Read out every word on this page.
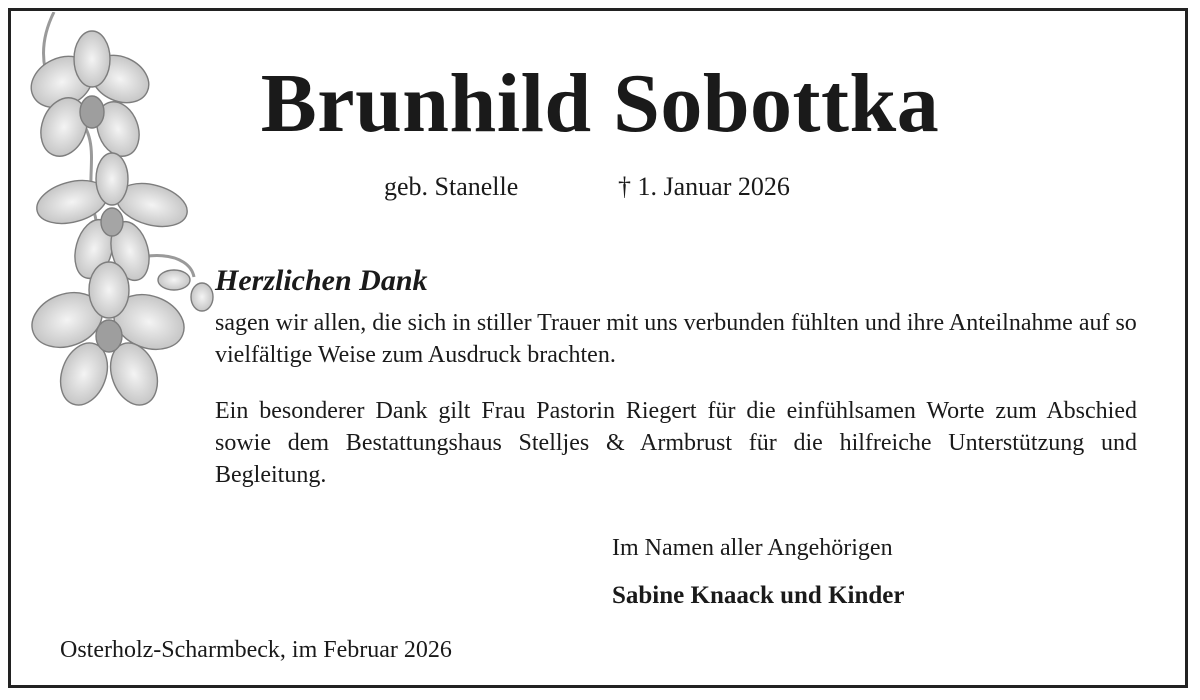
Brunhild Sobottka
geb. Stanelle	† 1. Januar 2026
Herzlichen Dank

sagen wir allen, die sich in stiller Trauer mit uns verbunden fühlten und ihre Anteilnahme auf so vielfältige Weise zum Ausdruck brachten.

Ein besonderer Dank gilt Frau Pastorin Riegert für die einfühlsamen Worte zum Abschied sowie dem Bestattungshaus Stelljes & Armbrust für die hilfreiche Unterstützung und Begleitung.

Im Namen aller Angehörigen
Sabine Knaack und Kinder
Osterholz-Scharmbeck, im Februar 2026
